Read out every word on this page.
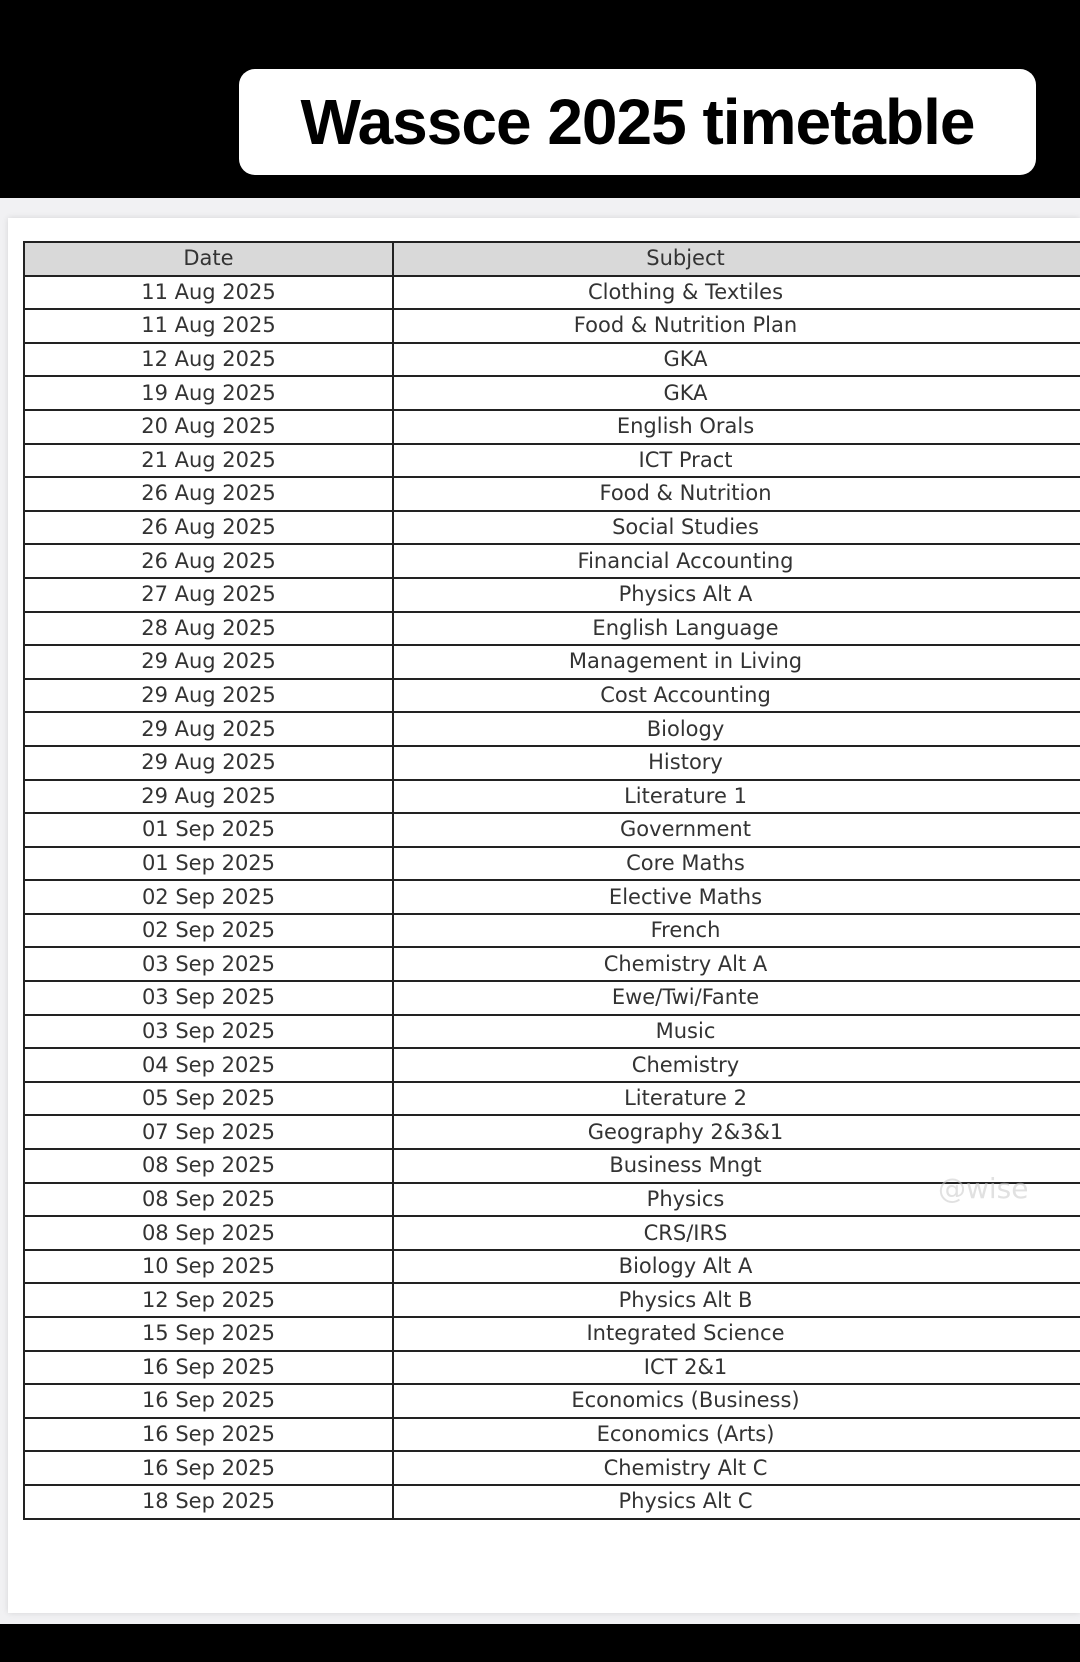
Wassce 2025 timetable
Date	Subject
11 Aug 2025	Clothing & Textiles
11 Aug 2025	Food & Nutrition Plan
12 Aug 2025	GKA
19 Aug 2025	GKA
20 Aug 2025	English Orals
21 Aug 2025	ICT Pract
26 Aug 2025	Food & Nutrition
26 Aug 2025	Social Studies
26 Aug 2025	Financial Accounting
27 Aug 2025	Physics Alt A
28 Aug 2025	English Language
29 Aug 2025	Management in Living
29 Aug 2025	Cost Accounting
29 Aug 2025	Biology
29 Aug 2025	History
29 Aug 2025	Literature 1
01 Sep 2025	Government
01 Sep 2025	Core Maths
02 Sep 2025	Elective Maths
02 Sep 2025	French
03 Sep 2025	Chemistry Alt A
03 Sep 2025	Ewe/Twi/Fante
03 Sep 2025	Music
04 Sep 2025	Chemistry
05 Sep 2025	Literature 2
07 Sep 2025	Geography 2&3&1
08 Sep 2025	Business Mngt
08 Sep 2025	Physics
08 Sep 2025	CRS/IRS
10 Sep 2025	Biology Alt A
12 Sep 2025	Physics Alt B
15 Sep 2025	Integrated Science
16 Sep 2025	ICT 2&1
16 Sep 2025	Economics (Business)
16 Sep 2025	Economics (Arts)
16 Sep 2025	Chemistry Alt C
18 Sep 2025	Physics Alt C
@wise
